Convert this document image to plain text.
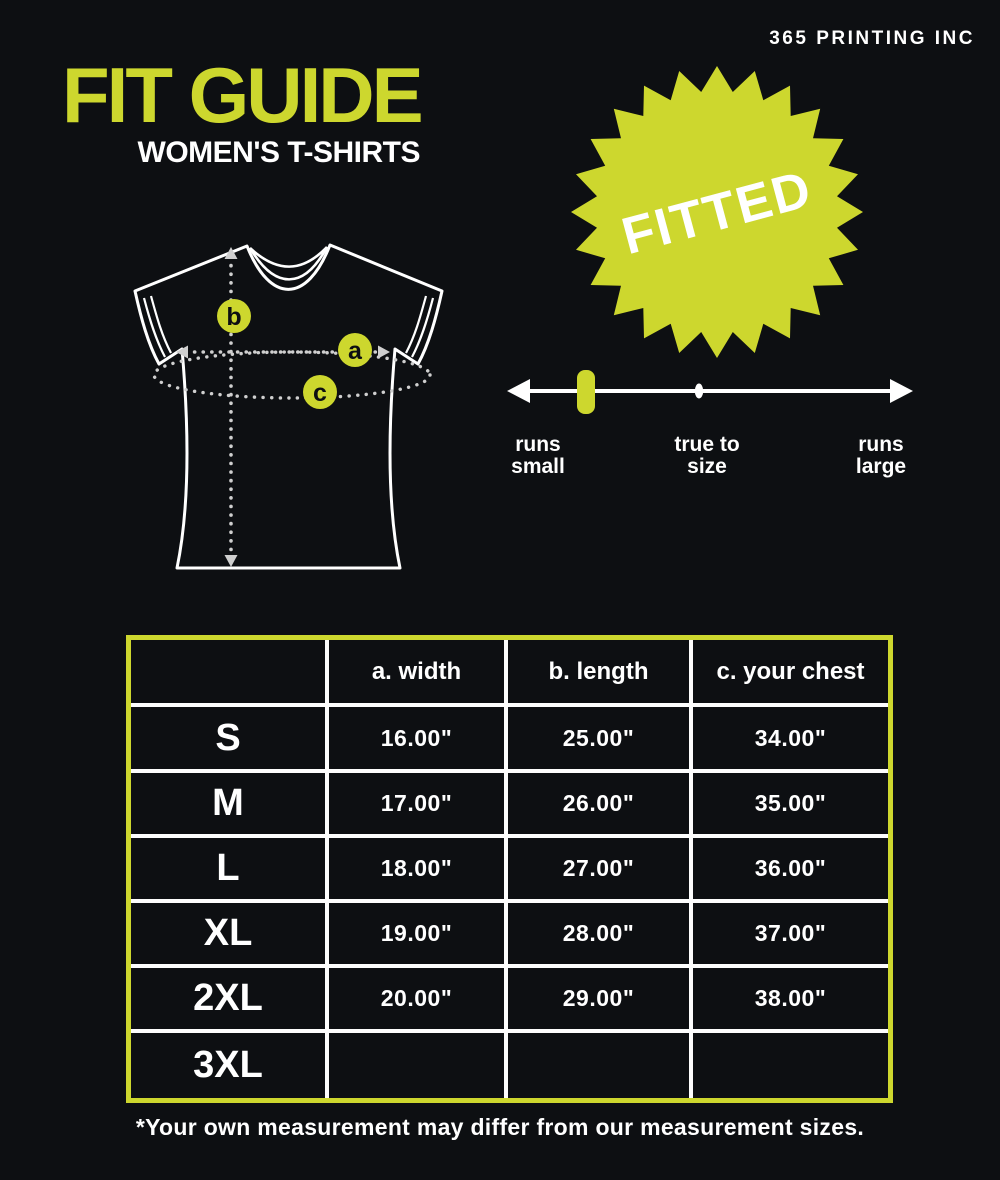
365 PRINTING INC
FIT GUIDE
WOMEN'S T-SHIRTS
FITTED
b
a
c
runs
small
true to
size
runs
large
a. width	b. length	c. your chest
S	16.00"	25.00"	34.00"
M	17.00"	26.00"	35.00"
L	18.00"	27.00"	36.00"
XL	19.00"	28.00"	37.00"
2XL	20.00"	29.00"	38.00"
3XL
*Your own measurement may differ from our measurement sizes.
